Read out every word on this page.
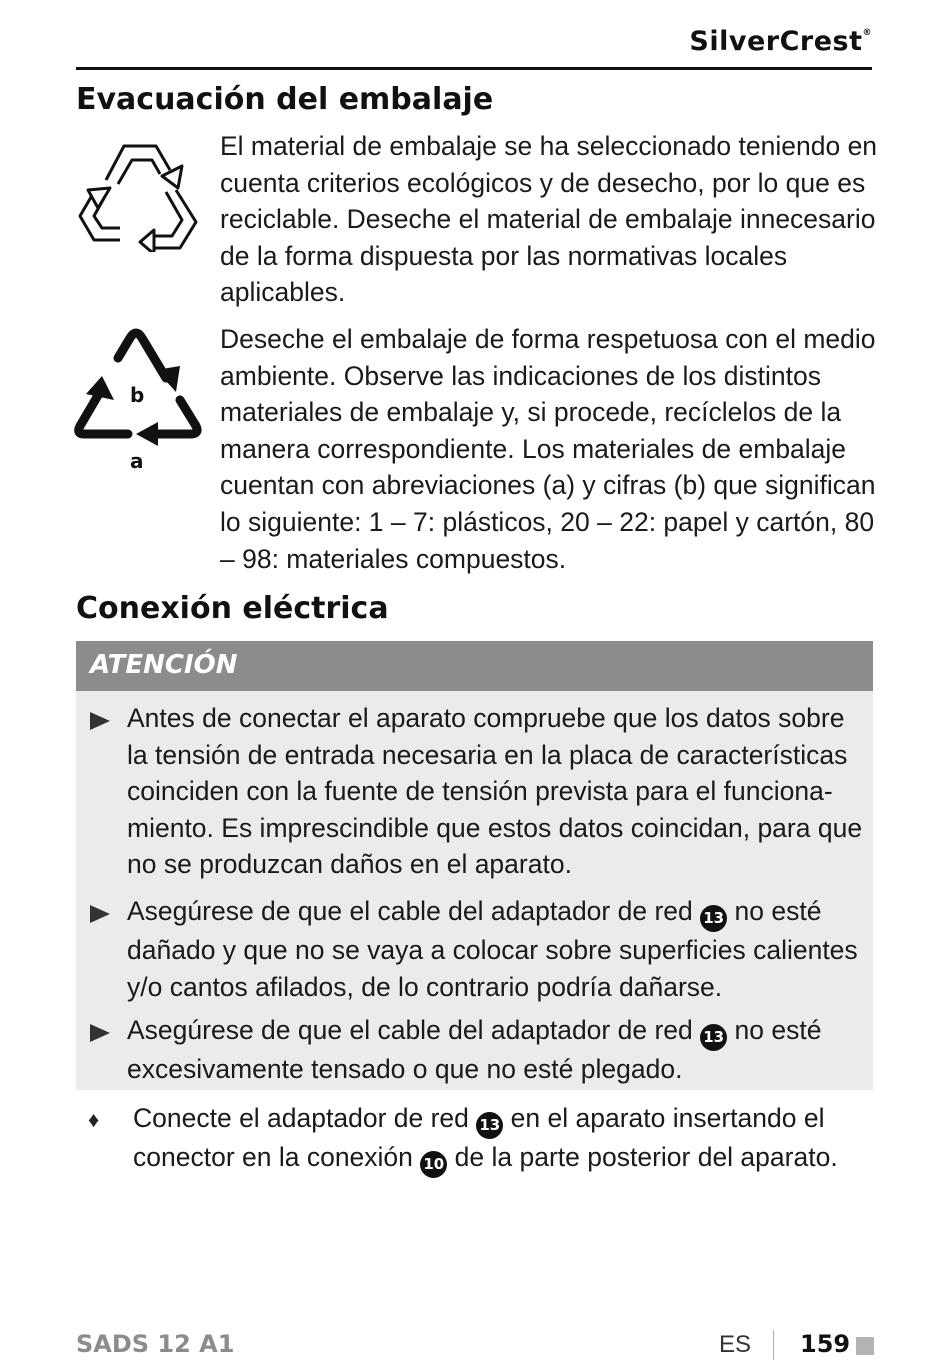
SilverCrest®
Evacuación del embalaje

El material de embalaje se ha seleccionado teniendo en cuenta criterios ecológicos y de desecho, por lo que es reciclable. Deseche el material de embalaje innecesario de la forma dispuesta por las normativas locales aplicables.

b
a

Deseche el embalaje de forma respetuosa con el medio ambiente. Observe las indicaciones de los distintos materiales de embalaje y, si procede, recíclelos de la manera correspondiente. Los materiales de embalaje cuentan con abreviaciones (a) y cifras (b) que significan lo siguiente: 1 – 7: plásticos, 20 – 22: papel y cartón, 80 – 98: materiales compuestos.

Conexión eléctrica
ATENCIÓN

Antes de conectar el aparato compruebe que los datos sobre la tensión de entrada necesaria en la placa de características coinciden con la fuente de tensión prevista para el funcionamiento. Es imprescindible que estos datos coincidan, para que no se produzcan daños en el aparato.

Asegúrese de que el cable del adaptador de red 13 no esté dañado y que no se vaya a colocar sobre superficies calientes y/o cantos afilados, de lo contrario podría dañarse.

Asegúrese de que el cable del adaptador de red 13 no esté excesivamente tensado o que no esté plegado.

♦ Conecte el adaptador de red 13 en el aparato insertando el conector en la conexión 10 de la parte posterior del aparato.

SADS 12 A1	ES 159
